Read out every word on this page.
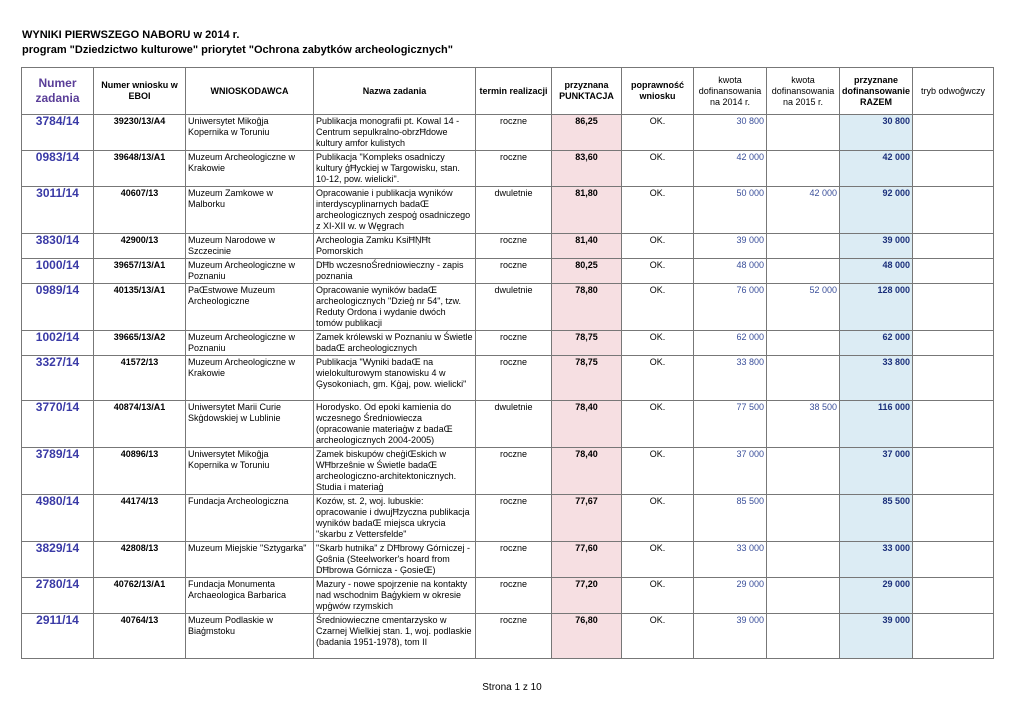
WYNIKI PIERWSZEGO NABORU w 2014 r.
program "Dziedzictwo kulturowe" priorytet "Ochrona zabytków archeologicznych"
Numer zadania	Numer wniosku w EBOI	WNIOSKODAWCA	Nazwa zadania	termin realizacji	przyznana PUNKTACJA	poprawność wniosku	kwota dofinansowania na 2014 r.	kwota dofinansowania na 2015 r.	przyznane dofinansowanie RAZEM	tryb odwoĝwczy
3784/14	39230/13/A4	Uniwersytet Mikoĝja Kopernika w Toruniu	Publikacja monografii pt. Kowal 14 - Centrum sepulkralno-obrzĦdowe kultury amfor kulistych	roczne	86,25	OK.	30 800		30 800	
0983/14	39648/13/A1	Muzeum Archeologiczne w Krakowie	Publikacja "Kompleks osadniczy kultury ģĦyckiej w Targowisku, stan. 10-12, pow. wielicki".	roczne	83,60	OK.	42 000		42 000	
3011/14	40607/13	Muzeum Zamkowe w Malborku	Opracowanie i publikacja wyników interdyscyplinarnych badaŒ archeologicznych zespoģ osadniczego z XI-XII w. w Węgrach	dwuletnie	81,80	OK.	50 000	42 000	92 000	
3830/14	42900/13	Muzeum Narodowe w Szczecinie	Archeologia Zamku KsiĦŅĦt Pomorskich	roczne	81,40	OK.	39 000		39 000	
1000/14	39657/13/A1	Muzeum Archeologiczne w Poznaniu	DĦb wczesnoŚredniowieczny - zapis poznania	roczne	80,25	OK.	48 000		48 000	
0989/14	40135/13/A1	PaŒstwowe Muzeum Archeologiczne	Opracowanie wyników badaŒ archeologicznych "Dzieģ nr 54", tzw. Reduty Ordona i wydanie dwóch tomów publikacji	dwuletnie	78,80	OK.	76 000	52 000	128 000	
1002/14	39665/13/A2	Muzeum Archeologiczne w Poznaniu	Zamek królewski w Poznaniu w Świetle badaŒ archeologicznych	roczne	78,75	OK.	62 000		62 000	
3327/14	41572/13	Muzeum Archeologiczne w Krakowie	Publikacja "Wyniki badaŒ na wielokulturowym stanowisku 4 w Ģysokoniach, gm. Kģaj, pow. wielicki"	roczne	78,75	OK.	33 800		33 800	
3770/14	40874/13/A1	Uniwersytet Marii Curie Skģdowskiej w Lublinie	Horodysko. Od epoki kamienia do wczesnego Średniowiecza (opracowanie materiaģw z badaŒ archeologicznych 2004-2005)	dwuletnie	78,40	OK.	77 500	38 500	116 000	
3789/14	40896/13	Uniwersytet Mikoĝja Kopernika w Toruniu	Zamek biskupów cheģiŒskich w WĦbrzeŝnie w Świetle badaŒ archeologiczno-architektonicznych. Studia i materiaģ	roczne	78,40	OK.	37 000		37 000	
4980/14	44174/13	Fundacja Archeologiczna	Kozów, st. 2, woj. lubuskie: opracowanie i dwujĦzyczna publikacja wyników badaŒ miejsca ukrycia "skarbu z Vettersfelde"	roczne	77,67	OK.	85 500		85 500	
3829/14	42808/13	Muzeum Miejskie "Sztygarka"	"Skarb hutnika" z DĦbrowy Górniczej - Ģoŝnia (Steelworker's hoard from DĦbrowa Górnicza - ĢosieŒ)	roczne	77,60	OK.	33 000		33 000	
2780/14	40762/13/A1	Fundacja Monumenta Archaeologica Barbarica	Mazury - nowe spojrzenie na kontakty nad wschodnim Baģykiem w okresie wpģwów rzymskich	roczne	77,20	OK.	29 000		29 000	
2911/14	40764/13	Muzeum Podlaskie w Biaģmstoku	Średniowieczne cmentarzysko w Czarnej Wielkiej stan. 1, woj. podlaskie (badania 1951-1978), tom II	roczne	76,80	OK.	39 000		39 000	
Strona 1 z 10
